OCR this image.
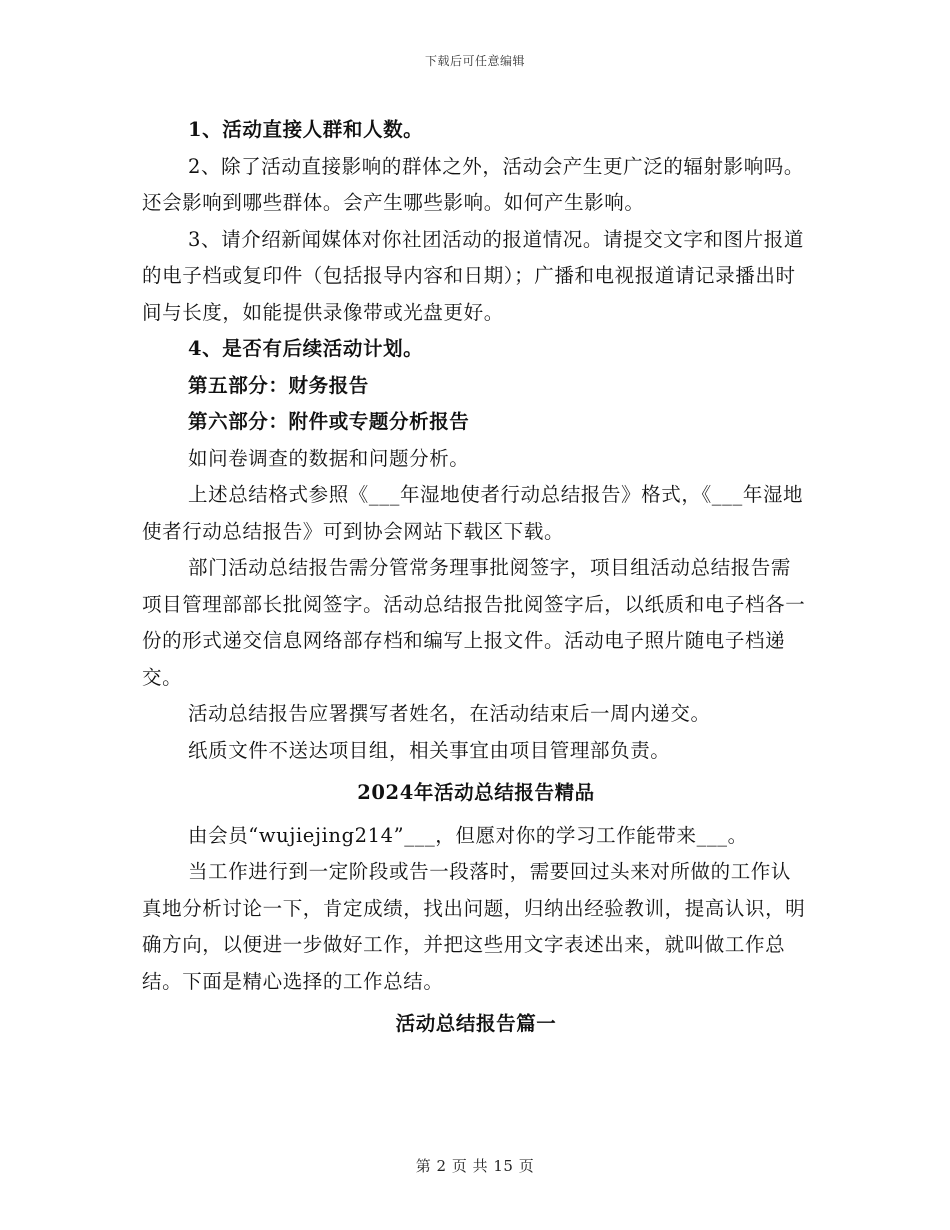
下载后可任意编辑

1、活动直接人群和人数。

2、除了活动直接影响的群体之外，活动会产生更广泛的辐射影响吗。还会影响到哪些群体。会产生哪些影响。如何产生影响。

3、请介绍新闻媒体对你社团活动的报道情况。请提交文字和图片报道的电子档或复印件（包括报导内容和日期）；广播和电视报道请记录播出时间与长度，如能提供录像带或光盘更好。

4、是否有后续活动计划。

第五部分：财务报告

第六部分：附件或专题分析报告

如问卷调查的数据和问题分析。

上述总结格式参照《___年湿地使者行动总结报告》格式，《___年湿地使者行动总结报告》可到协会网站下载区下载。

部门活动总结报告需分管常务理事批阅签字，项目组活动总结报告需项目管理部部长批阅签字。活动总结报告批阅签字后，以纸质和电子档各一份的形式递交信息网络部存档和编写上报文件。活动电子照片随电子档递交。

活动总结报告应署撰写者姓名，在活动结束后一周内递交。

纸质文件不送达项目组，相关事宜由项目管理部负责。

2024年活动总结报告精品

由会员“wujiejing214”___，但愿对你的学习工作能带来___。

当工作进行到一定阶段或告一段落时，需要回过头来对所做的工作认真地分析讨论一下，肯定成绩，找出问题，归纳出经验教训，提高认识，明确方向，以便进一步做好工作，并把这些用文字表述出来，就叫做工作总结。下面是精心选择的工作总结。

活动总结报告篇一

第 2 页 共 15 页
